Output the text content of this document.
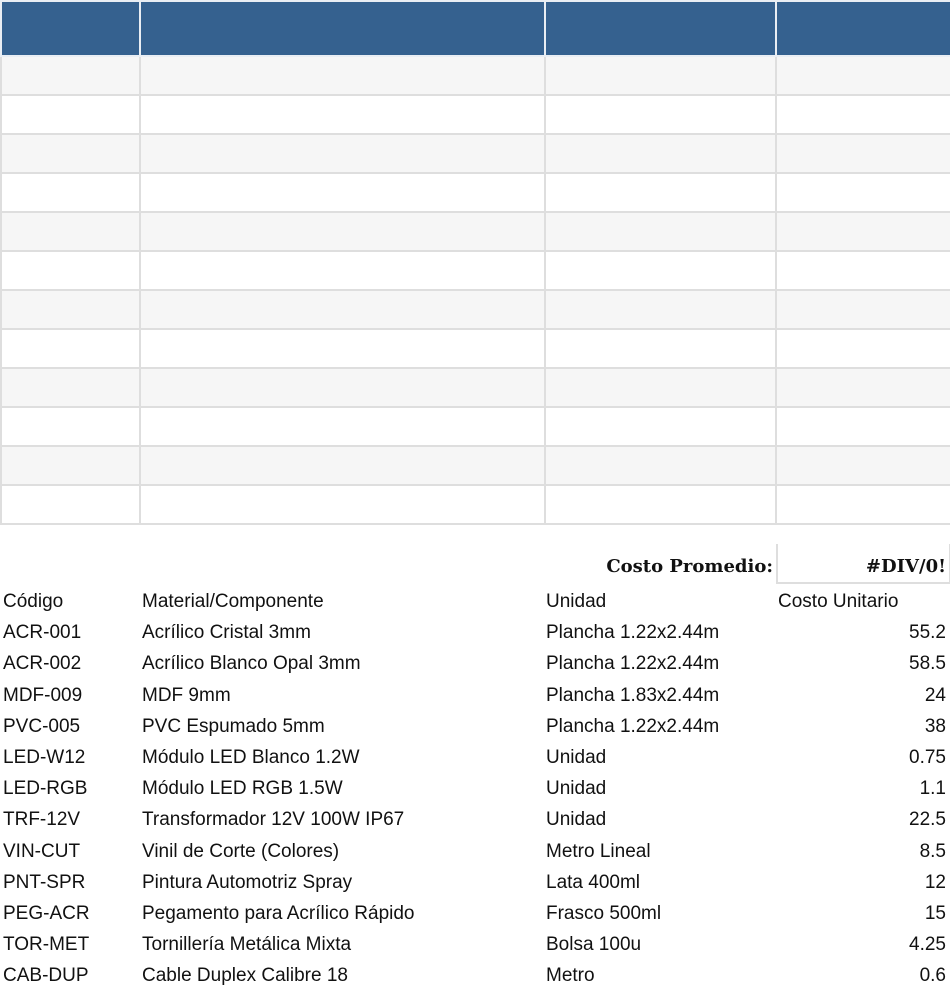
Costo Promedio:	#DIV/0!
Código	Material/Componente	Unidad	Costo Unitario
ACR-001	Acrílico Cristal 3mm	Plancha 1.22x2.44m	55.2
ACR-002	Acrílico Blanco Opal 3mm	Plancha 1.22x2.44m	58.5
MDF-009	MDF 9mm	Plancha 1.83x2.44m	24
PVC-005	PVC Espumado 5mm	Plancha 1.22x2.44m	38
LED-W12	Módulo LED Blanco 1.2W	Unidad	0.75
LED-RGB	Módulo LED RGB 1.5W	Unidad	1.1
TRF-12V	Transformador 12V 100W IP67	Unidad	22.5
VIN-CUT	Vinil de Corte (Colores)	Metro Lineal	8.5
PNT-SPR	Pintura Automotriz Spray	Lata 400ml	12
PEG-ACR	Pegamento para Acrílico Rápido	Frasco 500ml	15
TOR-MET	Tornillería Metálica Mixta	Bolsa 100u	4.25
CAB-DUP	Cable Duplex Calibre 18	Metro	0.6
